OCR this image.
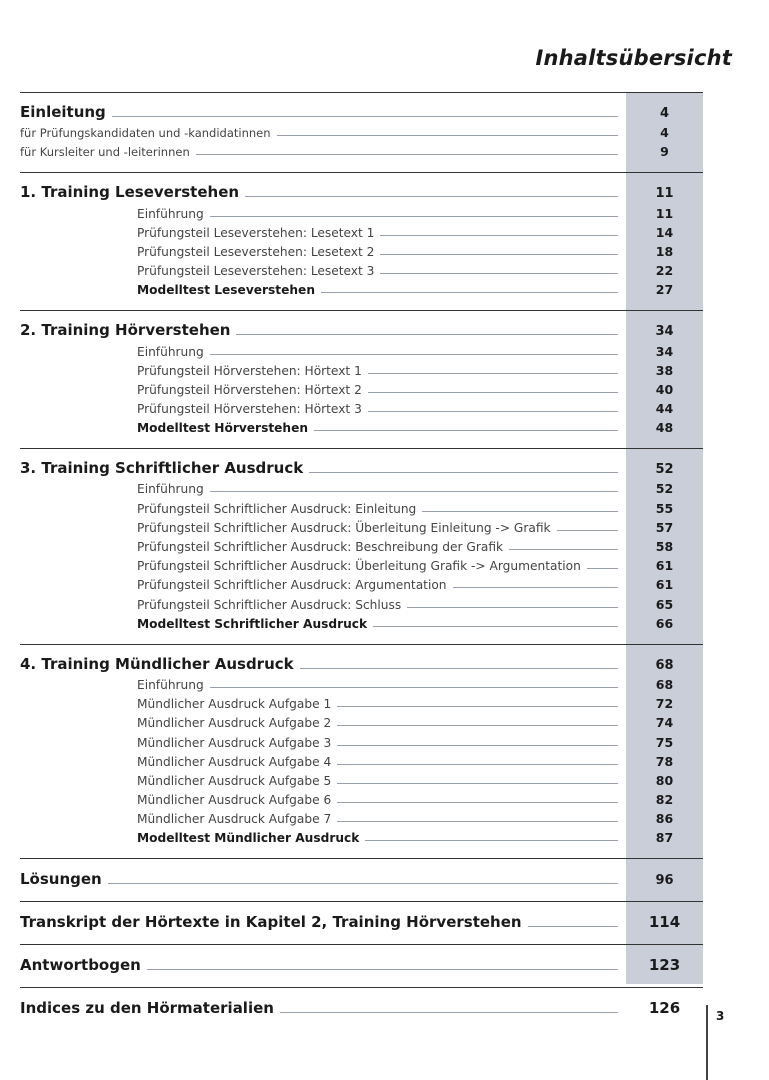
Inhaltsübersicht
Einleitung	4
für Prüfungskandidaten und -kandidatinnen	4
für Kursleiter und -leiterinnen	9
1. Training Leseverstehen	11
Einführung	11
Prüfungsteil Leseverstehen: Lesetext 1	14
Prüfungsteil Leseverstehen: Lesetext 2	18
Prüfungsteil Leseverstehen: Lesetext 3	22
Modelltest Leseverstehen	27
2. Training Hörverstehen	34
Einführung	34
Prüfungsteil Hörverstehen: Hörtext 1	38
Prüfungsteil Hörverstehen: Hörtext 2	40
Prüfungsteil Hörverstehen: Hörtext 3	44
Modelltest Hörverstehen	48
3. Training Schriftlicher Ausdruck	52
Einführung	52
Prüfungsteil Schriftlicher Ausdruck: Einleitung	55
Prüfungsteil Schriftlicher Ausdruck: Überleitung Einleitung -> Grafik	57
Prüfungsteil Schriftlicher Ausdruck: Beschreibung der Grafik	58
Prüfungsteil Schriftlicher Ausdruck: Überleitung Grafik -> Argumentation	61
Prüfungsteil Schriftlicher Ausdruck: Argumentation	61
Prüfungsteil Schriftlicher Ausdruck: Schluss	65
Modelltest Schriftlicher Ausdruck	66
4. Training Mündlicher Ausdruck	68
Einführung	68
Mündlicher Ausdruck Aufgabe 1	72
Mündlicher Ausdruck Aufgabe 2	74
Mündlicher Ausdruck Aufgabe 3	75
Mündlicher Ausdruck Aufgabe 4	78
Mündlicher Ausdruck Aufgabe 5	80
Mündlicher Ausdruck Aufgabe 6	82
Mündlicher Ausdruck Aufgabe 7	86
Modelltest Mündlicher Ausdruck	87
Lösungen	96
Transkript der Hörtexte in Kapitel 2, Training Hörverstehen	114
Antwortbogen	123
Indices zu den Hörmaterialien	126	3
